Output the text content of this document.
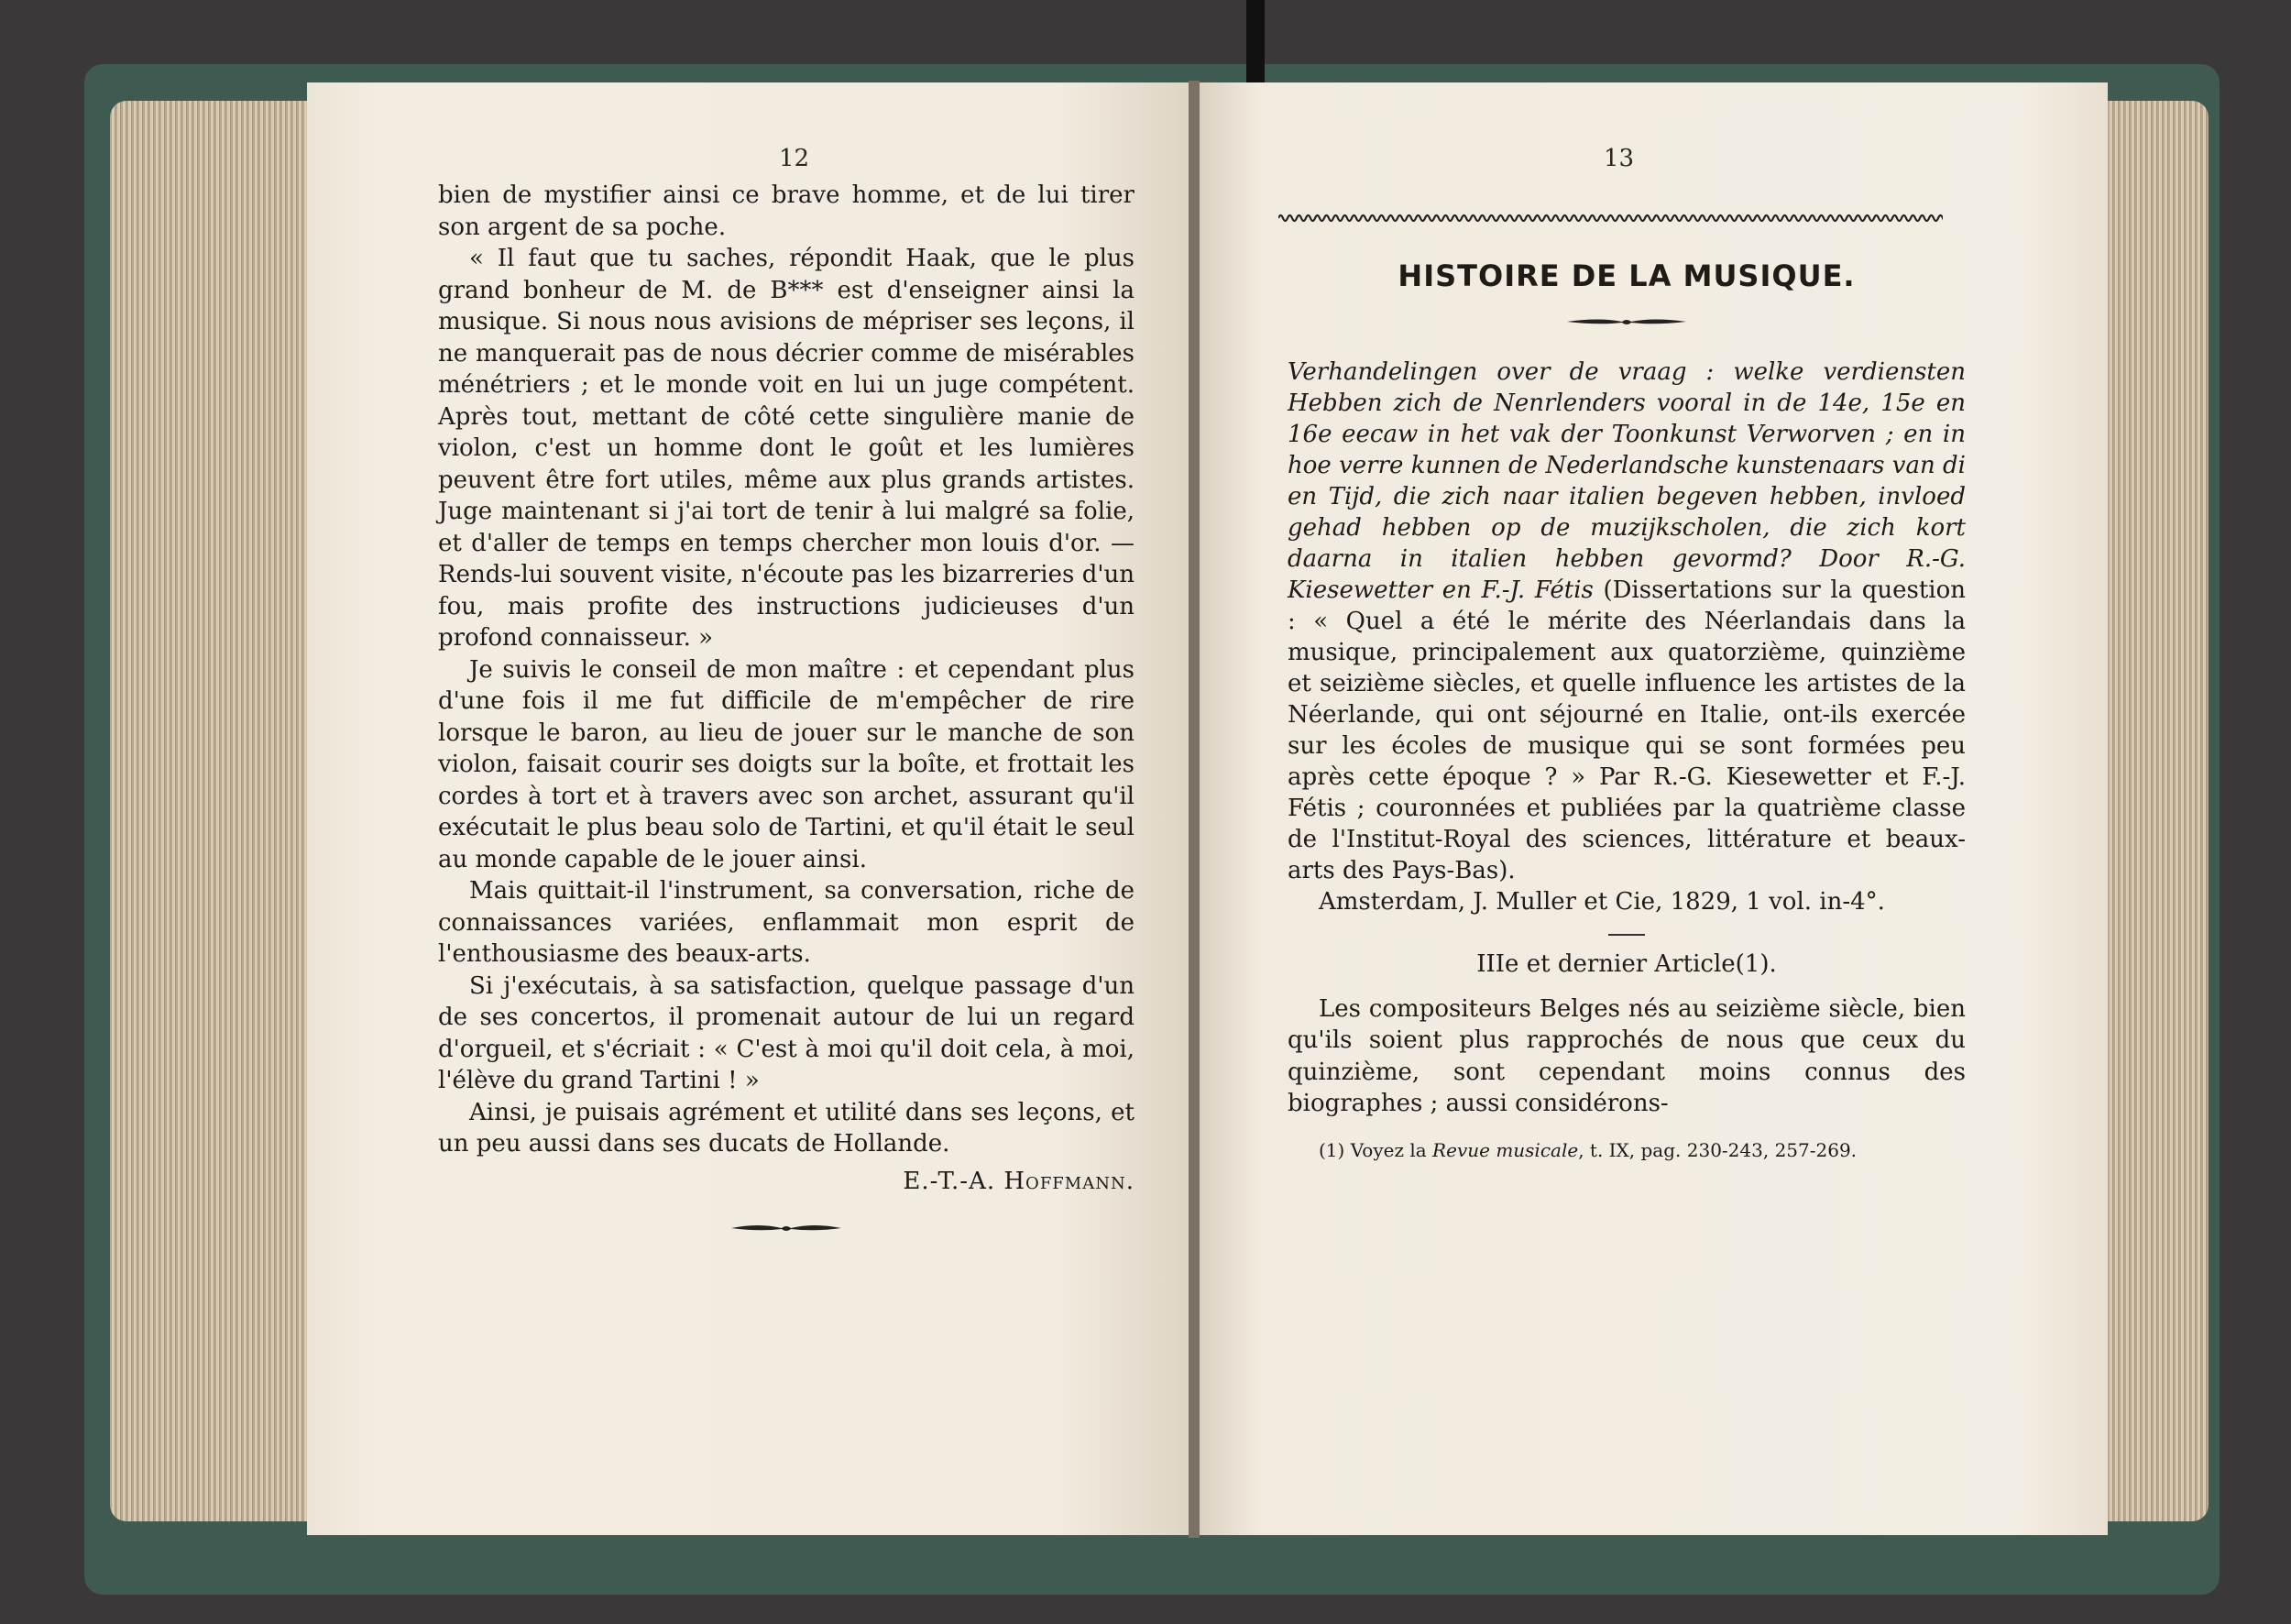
12

bien de mystifier ainsi ce brave homme, et de lui tirer son argent de sa poche.

« Il faut que tu saches, répondit Haak, que le plus grand bonheur de M. de B*** est d'enseigner ainsi la musique. Si nous nous avisions de mépriser ses leçons, il ne manquerait pas de nous décrier comme de misérables ménétriers ; et le monde voit en lui un juge compétent. Après tout, mettant de côté cette singulière manie de violon, c'est un homme dont le goût et les lumières peuvent être fort utiles, même aux plus grands artistes. Juge maintenant si j'ai tort de tenir à lui malgré sa folie, et d'aller de temps en temps chercher mon louis d'or. — Rends-lui souvent visite, n'écoute pas les bizarreries d'un fou, mais profite des instructions judicieuses d'un profond connaisseur. »

Je suivis le conseil de mon maître : et cependant plus d'une fois il me fut difficile de m'empêcher de rire lorsque le baron, au lieu de jouer sur le manche de son violon, faisait courir ses doigts sur la boîte, et frottait les cordes à tort et à travers avec son archet, assurant qu'il exécutait le plus beau solo de Tartini, et qu'il était le seul au monde capable de le jouer ainsi.

Mais quittait-il l'instrument, sa conversation, riche de connaissances variées, enflammait mon esprit de l'enthousiasme des beaux-arts.

Si j'exécutais, à sa satisfaction, quelque passage d'un de ses concertos, il promenait autour de lui un regard d'orgueil, et s'écriait : « C'est à moi qu'il doit cela, à moi, l'élève du grand Tartini ! »

Ainsi, je puisais agrément et utilité dans ses leçons, et un peu aussi dans ses ducats de Hollande.

E.-T.-A. Hoffmann.

13

HISTOIRE DE LA MUSIQUE.

Verhandelingen over de vraag : welke verdiensten Hebben zich de Nenrlenders vooral in de 14e, 15e en 16e eecaw in het vak der Toonkunst Verworven ; en in hoe verre kunnen de Nederlandsche kunstenaars van di en Tijd, die zich naar italien begeven hebben, invloed gehad hebben op de muzijkscholen, die zich kort daarna in italien hebben gevormd? Door R.-G. Kiesewetter en F.-J. Fétis (Dissertations sur la question : « Quel a été le mérite des Néerlandais dans la musique, principalement aux quatorzième, quinzième et seizième siècles, et quelle influence les artistes de la Néerlande, qui ont séjourné en Italie, ont-ils exercée sur les écoles de musique qui se sont formées peu après cette époque ? » Par R.-G. Kiesewetter et F.-J. Fétis ; couronnées et publiées par la quatrième classe de l'Institut-Royal des sciences, littérature et beaux-arts des Pays-Bas).

Amsterdam, J. Muller et Cie, 1829, 1 vol. in-4°.

IIIe et dernier Article(1).

Les compositeurs Belges nés au seizième siècle, bien qu'ils soient plus rapprochés de nous que ceux du quinzième, sont cependant moins connus des biographes ; aussi considérons-

(1) Voyez la Revue musicale, t. IX, pag. 230-243, 257-269.
